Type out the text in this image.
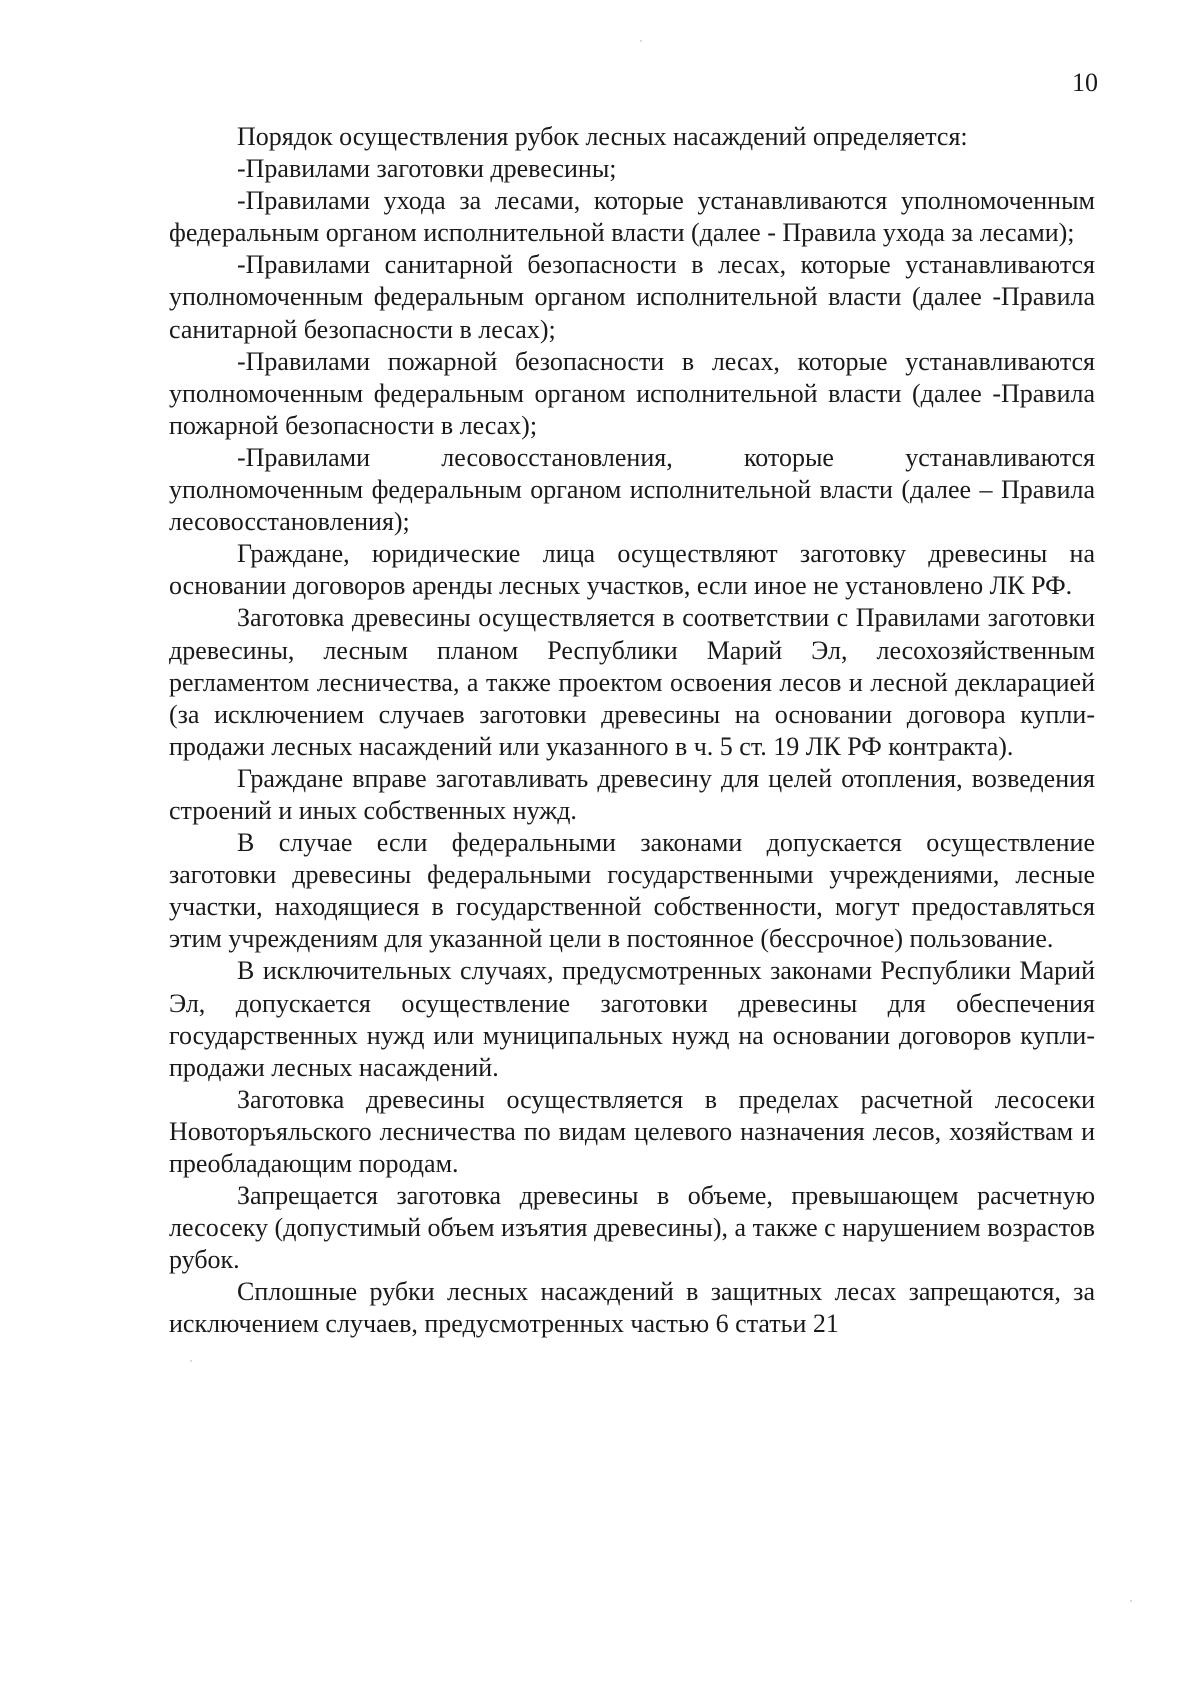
10

Порядок осуществления рубок лесных насаждений определяется:

-Правилами заготовки древесины;

-Правилами ухода за лесами, которые устанавливаются уполномоченным федеральным органом исполнительной власти (далее - Правила ухода за лесами);

-Правилами санитарной безопасности в лесах, которые устанавливаются уполномоченным федеральным органом исполнительной власти (далее -Правила санитарной безопасности в лесах);

-Правилами пожарной безопасности в лесах, которые устанавливаются уполномоченным федеральным органом исполнительной власти (далее -Правила пожарной безопасности в лесах);

-Правилами лесовосстановления, которые устанавливаются уполномоченным федеральным органом исполнительной власти (далее – Правила лесовосстановления);

Граждане, юридические лица осуществляют заготовку древесины на основании договоров аренды лесных участков, если иное не установлено ЛК РФ.

Заготовка древесины осуществляется в соответствии с Правилами заготовки древесины, лесным планом Республики Марий Эл, лесохозяйственным регламентом лесничества, а также проектом освоения лесов и лесной декларацией (за исключением случаев заготовки древесины на основании договора купли-продажи лесных насаждений или указанного в ч. 5 ст. 19 ЛК РФ контракта).

Граждане вправе заготавливать древесину для целей отопления, возведения строений и иных собственных нужд.

В случае если федеральными законами допускается осуществление заготовки древесины федеральными государственными учреждениями, лесные участки, находящиеся в государственной собственности, могут предоставляться этим учреждениям для указанной цели в постоянное (бессрочное) пользование.

В исключительных случаях, предусмотренных законами Республики Марий Эл, допускается осуществление заготовки древесины для обеспечения государственных нужд или муниципальных нужд на основании договоров купли-продажи лесных насаждений.

Заготовка древесины осуществляется в пределах расчетной лесосеки Новоторъяльского лесничества по видам целевого назначения лесов, хозяйствам и преобладающим породам.

Запрещается заготовка древесины в объеме, превышающем расчетную лесосеку (допустимый объем изъятия древесины), а также с нарушением возрастов рубок.

Сплошные рубки лесных насаждений в защитных лесах запрещаются, за исключением случаев, предусмотренных частью 6 статьи 21
